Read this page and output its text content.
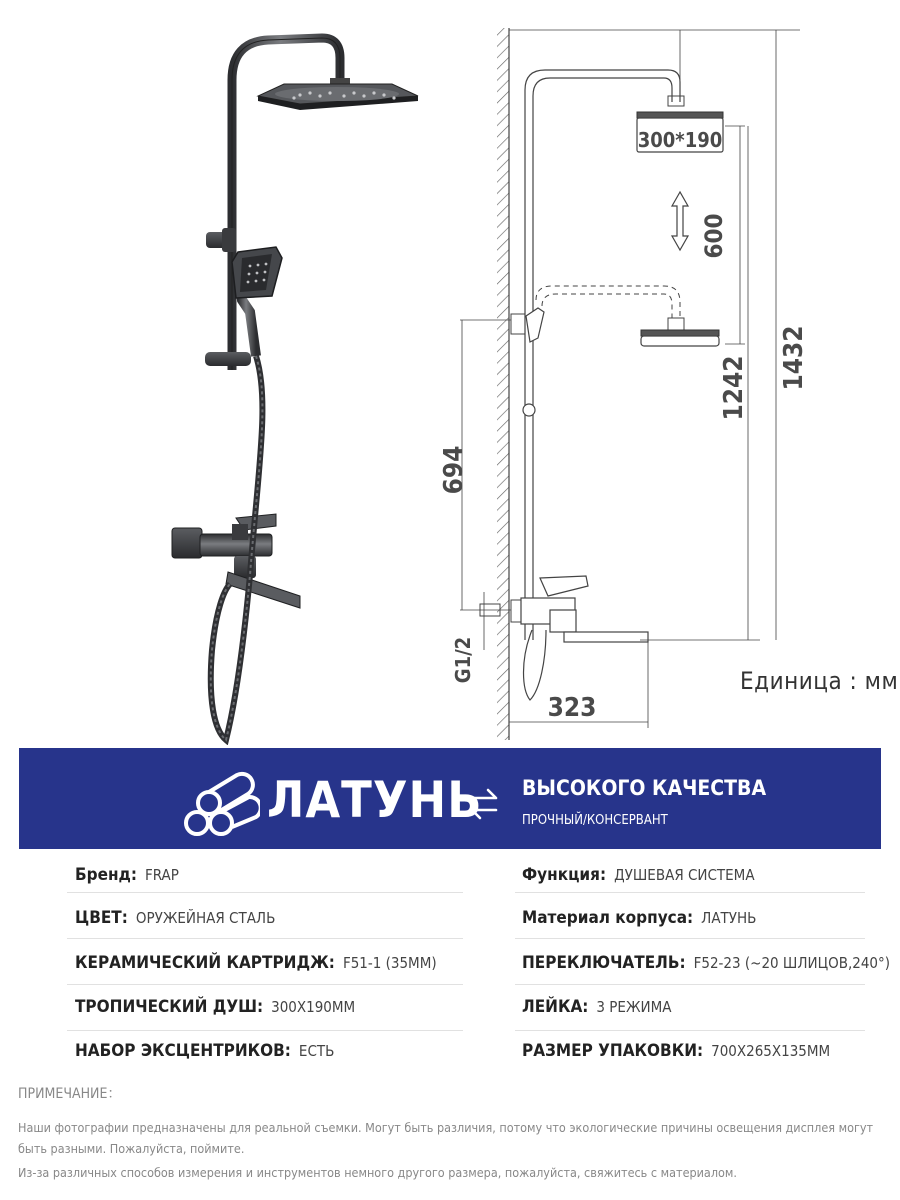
300*190
600
1242 1432
694
G1/2
323
Единица : мм
ЛАТУНЬ ВЫСОКОГО КАЧЕСТВА
ПРОЧНЫЙ/КОНСЕРВАНТ
Бренд: FRAP
ЦВЕТ: ОРУЖЕЙНАЯ СТАЛЬ
КЕРАМИЧЕСКИЙ КАРТРИДЖ: F51-1 (35ММ)
ТРОПИЧЕСКИЙ ДУШ: 300Х190ММ
НАБОР ЭКСЦЕНТРИКОВ: ЕСТЬ
Функция: ДУШЕВАЯ СИСТЕМА
Материал корпуса: ЛАТУНЬ
ПЕРЕКЛЮЧАТЕЛЬ: F52-23 (~20 ШЛИЦОВ,240°)
ЛЕЙКА: 3 РЕЖИМА
РАЗМЕР УПАКОВКИ: 700Х265Х135ММ
ПРИМЕЧАНИЕ：
Наши фотографии предназначены для реальной съемки. Могут быть различия, потому что экологические причины освещения дисплея могут быть разными. Пожалуйста, поймите.
Из-за различных способов измерения и инструментов немного другого размера, пожалуйста, свяжитесь с материалом.
